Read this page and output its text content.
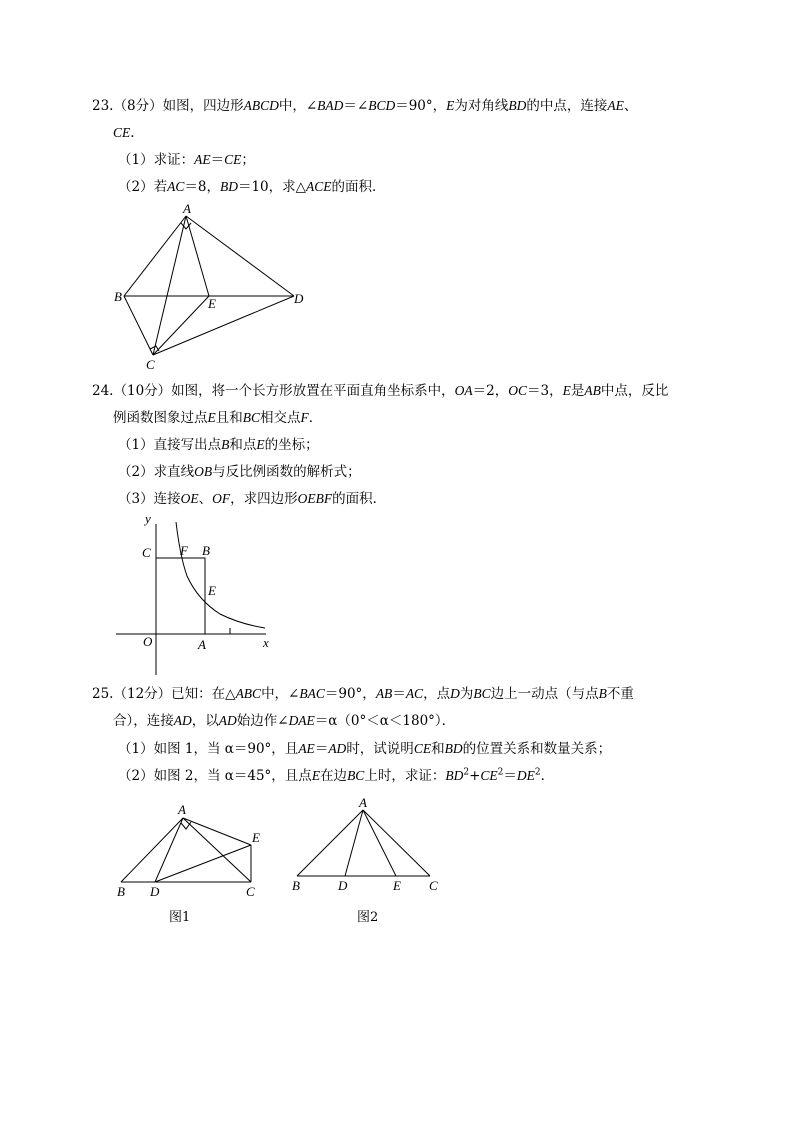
23.（8分）如图，四边形ABCD中，∠BAD＝∠BCD＝90°，E为对角线BD的中点，连接AE、
CE.
（1）求证：AE＝CE；
（2）若AC＝8，BD＝10，求△ACE的面积．
A
B
C
D
E
24.（10分）如图，将一个长方形放置在平面直角坐标系中，OA＝2，OC＝3，E是AB中点，反比
例函数图象过点E且和BC相交点F．
（1）直接写出点B和点E的坐标；
（2）求直线OB与反比例函数的解析式；
（3）连接OE、OF，求四边形OEBF的面积．
y
x
O	A
B
C
E
F
25.（12分）已知：在△ABC中，∠BAC＝90°，AB＝AC，点D为BC边上一动点（与点B不重
合），连接AD，以AD始边作∠DAE＝α（0°＜α＜180°）．
（1）如图 1，当 α＝90°，且AE＝AD时，试说明CE和BD的位置关系和数量关系；
（2）如图 2，当 α＝45°，且点E在边BC上时，求证：$BD^2+CE^2=DE^2$．
A
B	C
D
E
图1
A
B	C
D	E
图2
